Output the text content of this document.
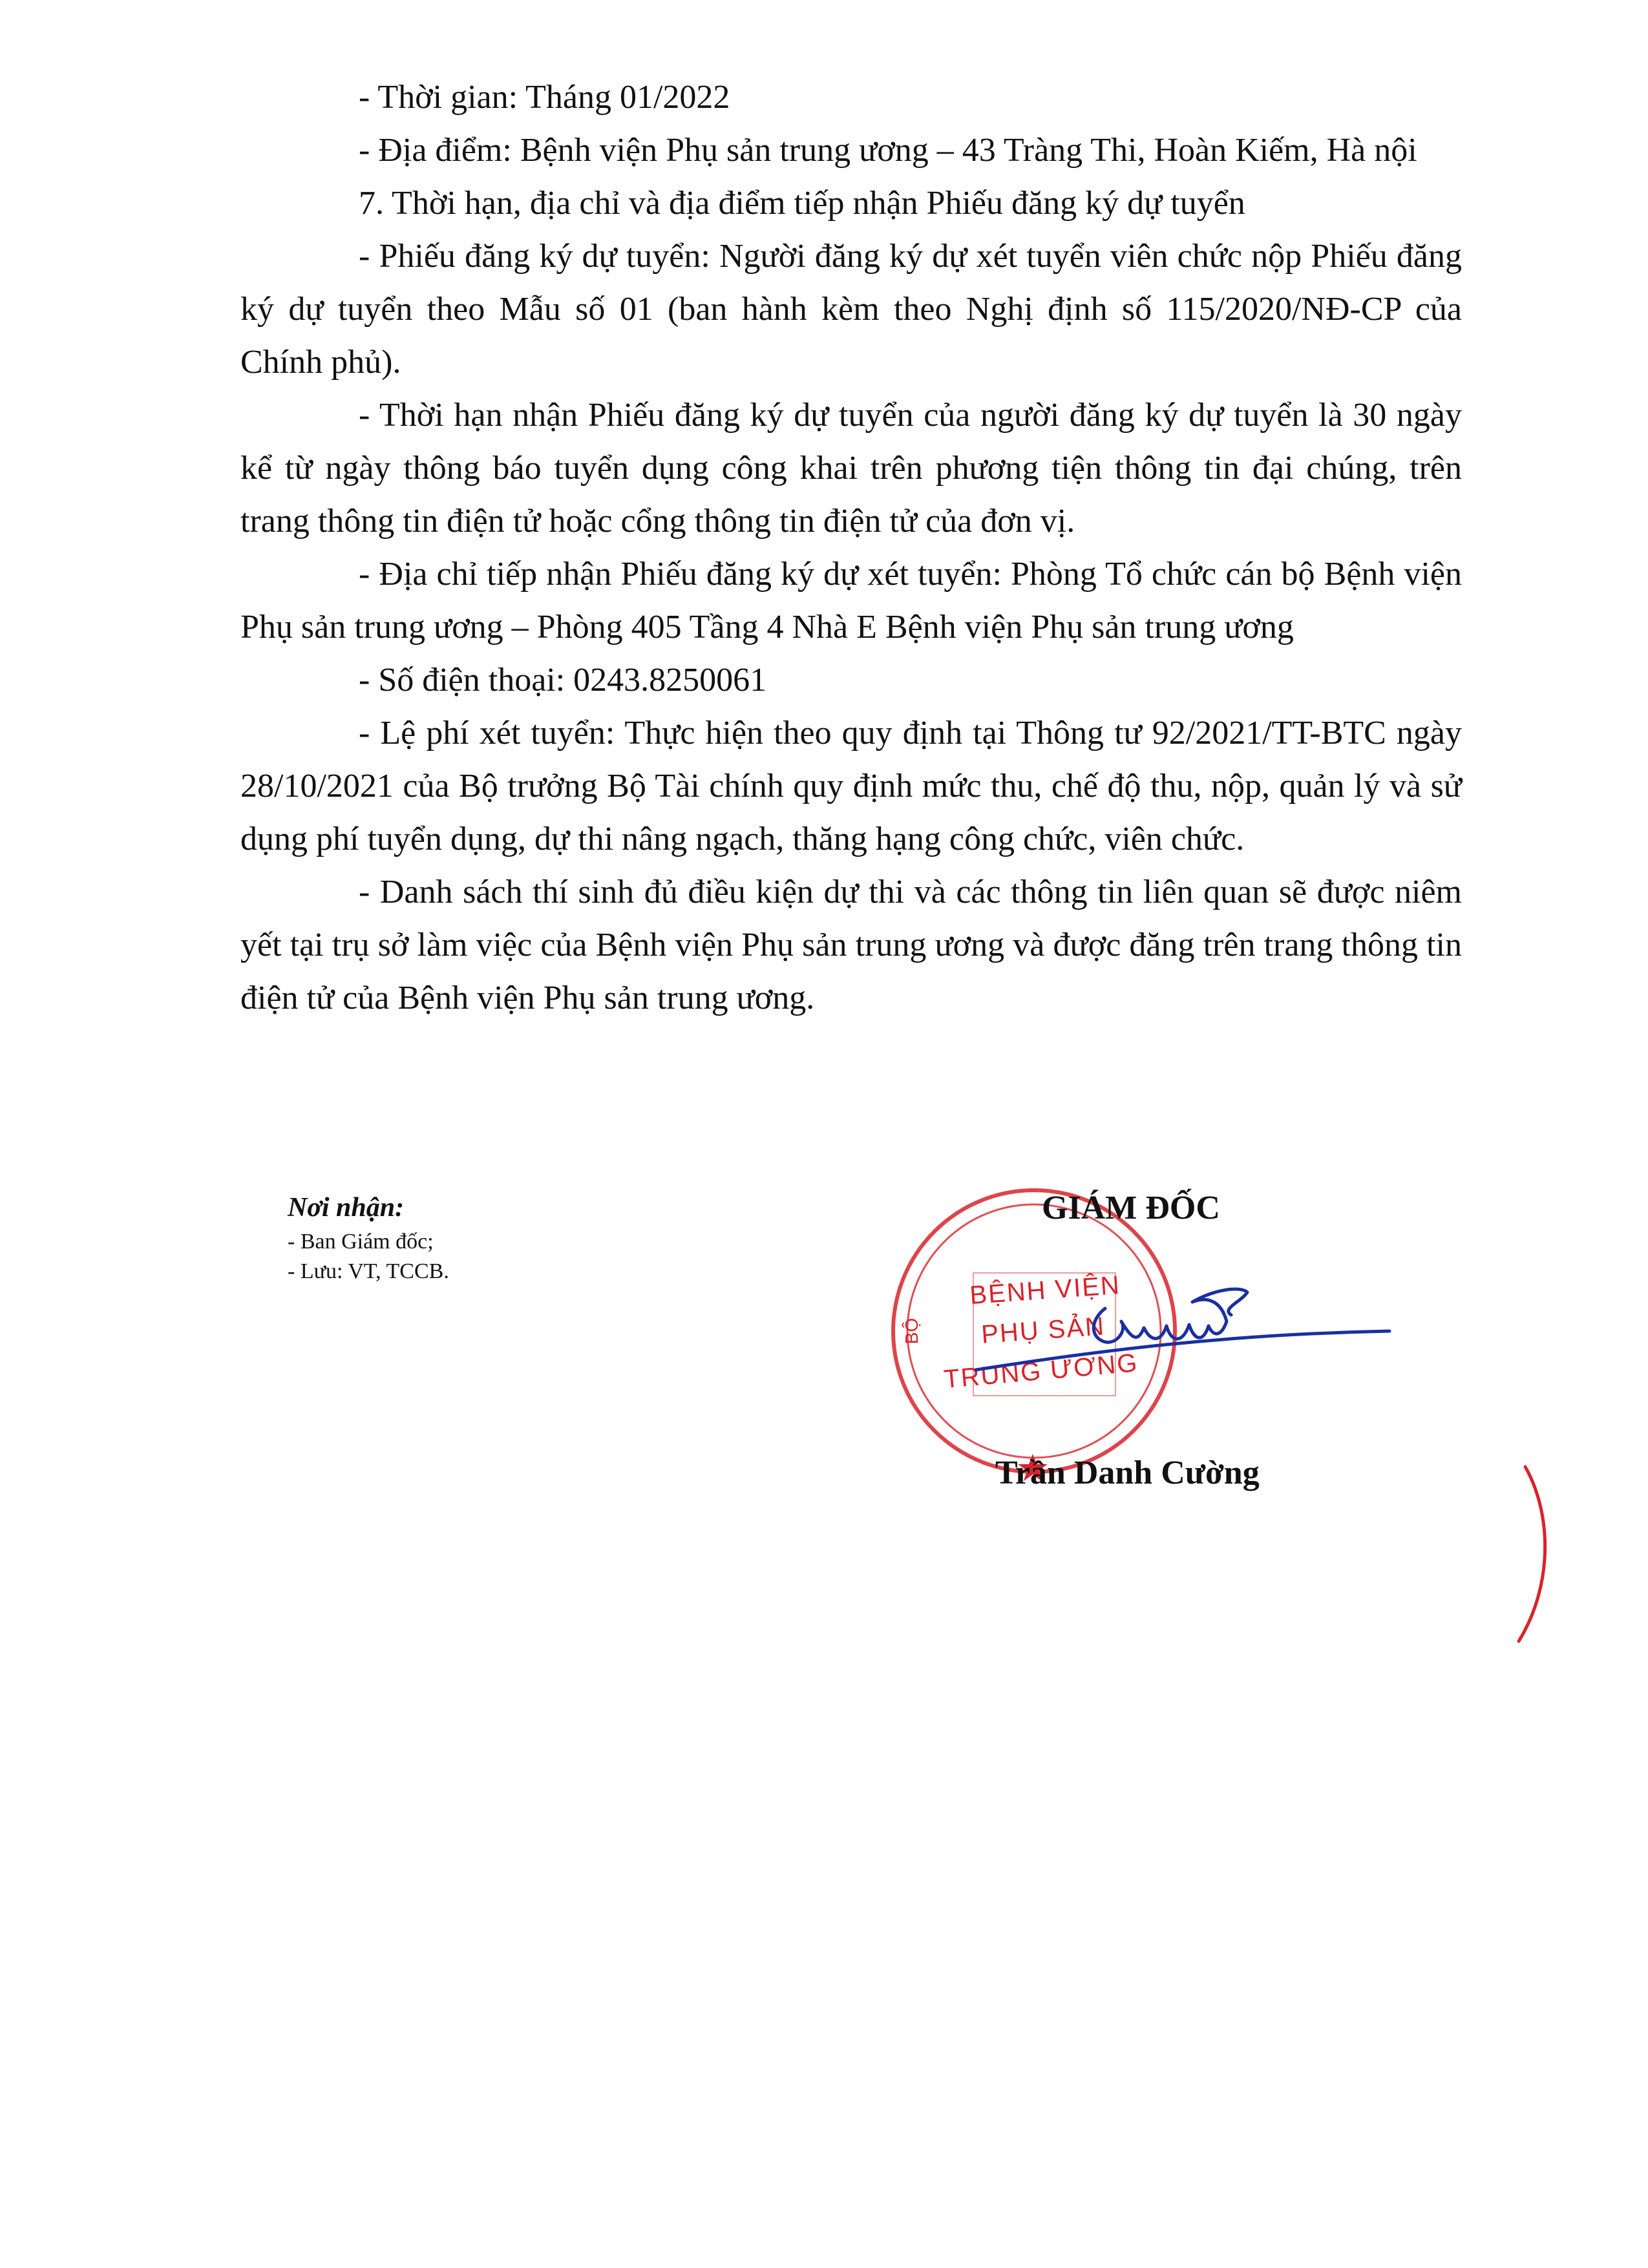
- Thời gian: Tháng 01/2022

- Địa điểm: Bệnh viện Phụ sản trung ương – 43 Tràng Thi, Hoàn Kiếm, Hà nội

7. Thời hạn, địa chỉ và địa điểm tiếp nhận Phiếu đăng ký dự tuyển

- Phiếu đăng ký dự tuyển: Người đăng ký dự xét tuyển viên chức nộp Phiếu đăng ký dự tuyển theo Mẫu số 01 (ban hành kèm theo Nghị định số 115/2020/NĐ-CP của Chính phủ).

- Thời hạn nhận Phiếu đăng ký dự tuyển của người đăng ký dự tuyển là 30 ngày kể từ ngày thông báo tuyển dụng công khai trên phương tiện thông tin đại chúng, trên trang thông tin điện tử hoặc cổng thông tin điện tử của đơn vị.

- Địa chỉ tiếp nhận Phiếu đăng ký dự xét tuyển: Phòng Tổ chức cán bộ Bệnh viện Phụ sản trung ương – Phòng 405 Tầng 4 Nhà E Bệnh viện Phụ sản trung ương

- Số điện thoại: 0243.8250061

- Lệ phí xét tuyển: Thực hiện theo quy định tại Thông tư 92/2021/TT-BTC ngày 28/10/2021 của Bộ trưởng Bộ Tài chính quy định mức thu, chế độ thu, nộp, quản lý và sử dụng phí tuyển dụng, dự thi nâng ngạch, thăng hạng công chức, viên chức.

- Danh sách thí sinh đủ điều kiện dự thi và các thông tin liên quan sẽ được niêm yết tại trụ sở làm việc của Bệnh viện Phụ sản trung ương và được đăng trên trang thông tin điện tử của Bệnh viện Phụ sản trung ương.

Nơi nhận:

- Ban Giám đốc;

- Lưu: VT, TCCB.	BỆNH VIỆN
PHỤ SẢN
TRUNG ƯƠNG
BỘ
GIÁM ĐỐC
Trần Danh Cường
